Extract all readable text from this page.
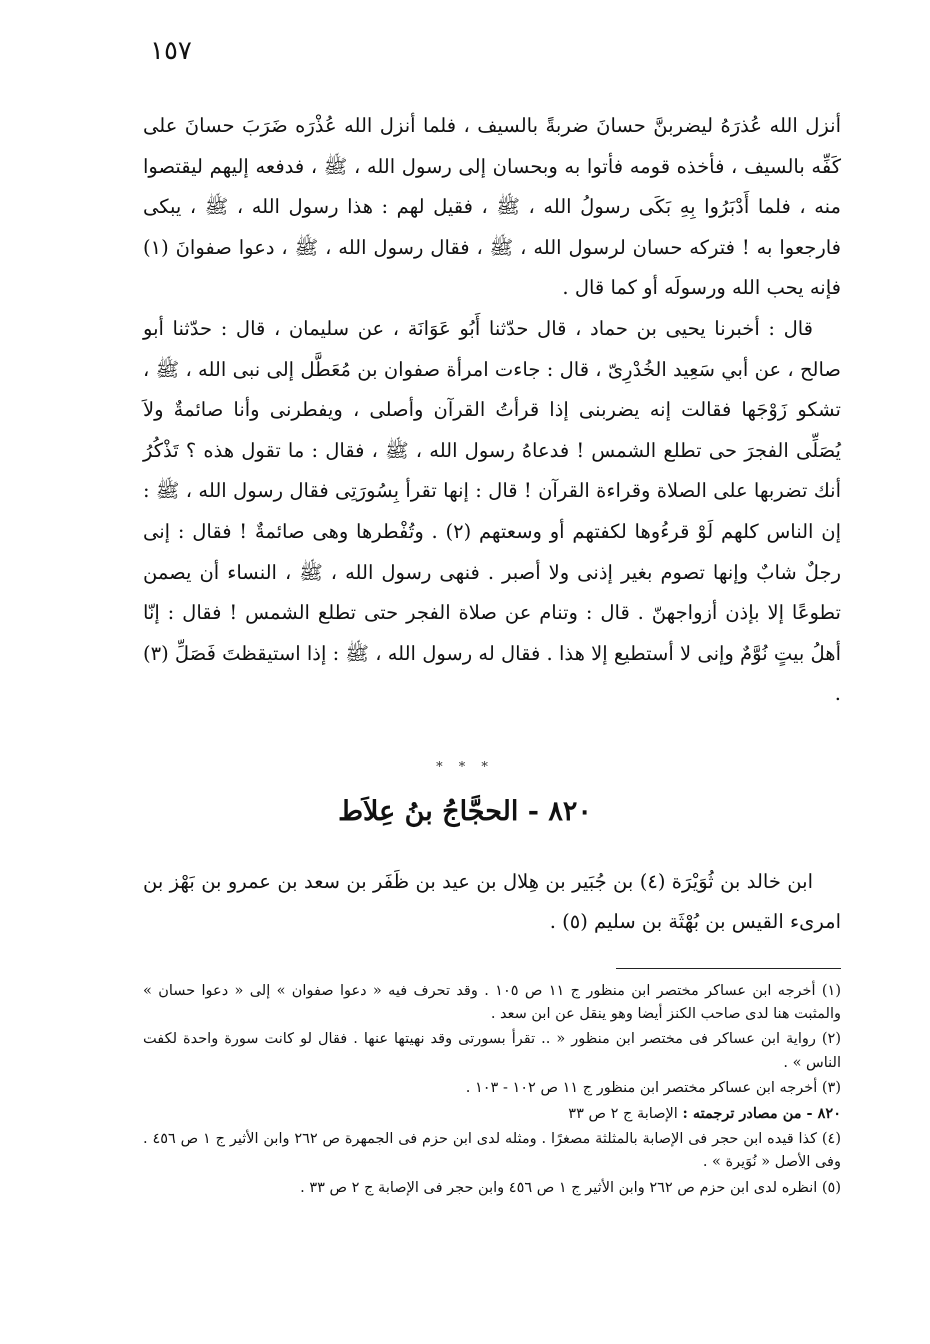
١٥٧

أنزل الله عُذرَهُ ليضربنَّ حسانَ ضربةً بالسيف ، فلما أنزل الله عُذْرَه ضَرَبَ حسانَ على كَفِّه بالسيف ، فأخذه قومه فأتوا به وبحسان إلى رسول الله ، ﷺ ، فدفعه إليهم ليقتصوا منه ، فلما أَدْبَرُوا بِهِ بَكَى رسولُ الله ، ﷺ ، فقيل لهم : هذا رسول الله ، ﷺ ، يبكى فارجعوا به ! فتركه حسان لرسول الله ، ﷺ ، فقال رسول الله ، ﷺ ، دعوا صفوانَ (١) فإنه يحب الله ورسولَه أو كما قال .

قال : أخبرنا يحيى بن حماد ، قال حدّثنا أَبُو عَوَانَة ، عن سليمان ، قال : حدّثنا أبو صالح ، عن أبي سَعِيد الخُدْرِىّ ، قال : جاءت امرأة صفوان بن مُعَطَّل إلى نبى الله ، ﷺ ، تشكو زَوْجَها فقالت إنه يضربنى إذا قرأتُ القرآن وأصلى ، ويفطرنى وأنا صائمةٌ ولاَ يُصَلِّى الفجرَ حى تطلع الشمس ! فدعاهُ رسول الله ، ﷺ ، فقال : ما تقول هذه ؟ تَذْكُرُ أنك تضربها على الصلاة وقراءة القرآن ! قال : إنها تقرأ بِسُورَتِى فقال رسول الله ، ﷺ : إن الناس كلهم لَوْ قرءُوها لكفتهم أو وسعتهم (٢) . وتُفْطرها وهى صائمةٌ ! فقال : إنى رجلٌ شابٌ وإنها تصوم بغير إذنى ولا أصبر . فنهى رسول الله ، ﷺ ، النساء أن يصمن تطوعًا إلا بإذن أزواجهنّ . قال : وتنام عن صلاة الفجر حتى تطلع الشمس ! فقال : إنّا أهلُ بيتٍ نُوَّمٌ وإنى لا أستطيع إلا هذا . فقال له رسول الله ، ﷺ : إذا استيقظتَ فَصَلِّ (٣) .

* * *
٨٢٠ - الحجَّاجُ بنُ عِلاَط

ابن خالد بن ثُوَيْرَة (٤) بن جُبَير بن هِلال بن عيد بن ظَفَر بن سعد بن عمرو بن بَهْز بن امرىء القيس بن بُهْثَة بن سليم (٥) .

(١) أخرجه ابن عساكر مختصر ابن منظور ج ١١ ص ١٠٥ . وقد تحرف فيه « دعوا صفوان » إلى « دعوا حسان » والمثبت هنا لدى صاحب الكنز أيضا وهو ينقل عن ابن سعد .

(٢) رواية ابن عساكر فى مختصر ابن منظور « .. تقرأ بسورتى وقد نهيتها عنها . فقال لو كانت سورة واحدة لكفت الناس » .

(٣) أخرجه ابن عساكر مختصر ابن منظور ج ١١ ص ١٠٢ - ١٠٣ .

٨٢٠ - من مصادر ترجمته : الإصابة ج ٢ ص ٣٣

(٤) كذا قيده ابن حجر فى الإصابة بالمثلثة مصغرًا . ومثله لدى ابن حزم فى الجمهرة ص ٢٦٢ وابن الأثير ج ١ ص ٤٥٦ . وفى الأصل « نُوَيرة » .

(٥) انظره لدى ابن حزم ص ٢٦٢ وابن الأثير ج ١ ص ٤٥٦ وابن حجر فى الإصابة ج ٢ ص ٣٣ .
